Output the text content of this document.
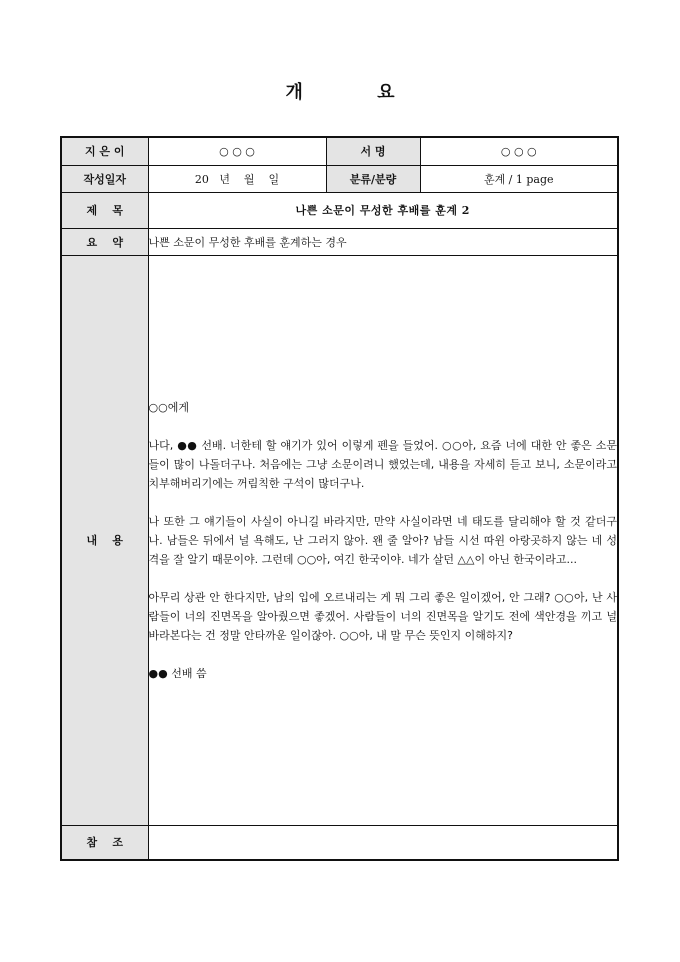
개 요
지 은 이	○ ○ ○	서 명	○ ○ ○
작성일자	20   년    월    일	분류/분량	훈계 / 1 page
제    목	나쁜 소문이 무성한 후배를 훈계 2		
요    약	나쁜 소문이 무성한 후배를 훈계하는 경우		
내    용	○○에게

나다, ●● 선배. 너한테 할 얘기가 있어 이렇게 펜을 들었어. ○○아, 요즘 너에 대한 안 좋은 소문들이 많이 나돌더구나. 처음에는 그냥 소문이려니 했었는데, 내용을 자세히 듣고 보니, 소문이라고 치부해버리기에는 꺼림칙한 구석이 많더구나.

나 또한 그 얘기들이 사실이 아니길 바라지만, 만약 사실이라면 네 태도를 달리해야 할 것 같더구나. 남들은 뒤에서 널 욕해도, 난 그러지 않아. 왠 줄 알아? 남들 시선 따윈 아랑곳하지 않는 네 성격을 잘 알기 때문이야. 그런데 ○○아, 여긴 한국이야. 네가 살던 △△이 아닌 한국이라고...

아무리 상관 안 한다지만, 남의 입에 오르내리는 게 뭐 그리 좋은 일이겠어, 안 그래? ○○아, 난 사람들이 너의 진면목을 알아줬으면 좋겠어. 사람들이 너의 진면목을 알기도 전에 색안경을 끼고 널 바라본다는 건 정말 안타까운 일이잖아. ○○아, 내 말 무슨 뜻인지 이해하지?

●● 선배 씀		

참    조			
